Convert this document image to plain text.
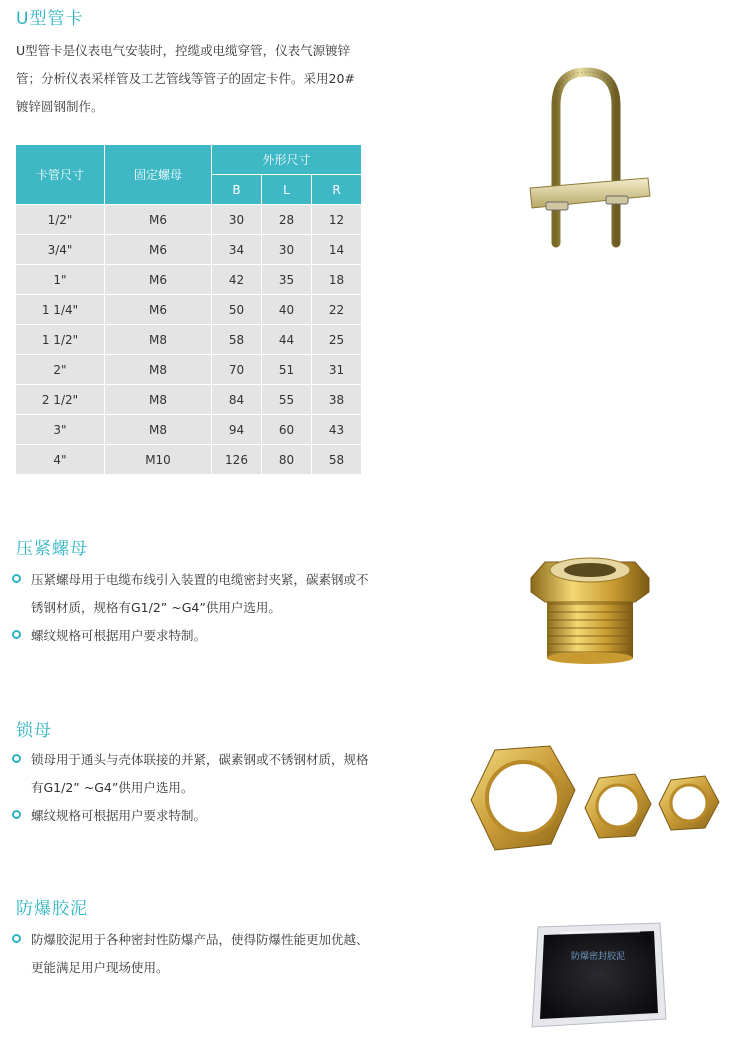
U型管卡

U型管卡是仪表电气安装时，控缆或电缆穿管，仪表气源镀锌管；分析仪表采样管及工艺管线等管子的固定卡件。采用20#镀锌圆钢制作。

卡管尺寸	固定螺母	外形尺寸		
		B	L	R
1/2"	M6	30	28	12
3/4"	M6	34	30	14
1"	M6	42	35	18
1 1/4"	M6	50	40	22
1 1/2"	M8	58	44	25
2"	M8	70	51	31
2 1/2"	M8	84	55	38
3"	M8	94	60	43
4"	M10	126	80	58
压紧螺母
压紧螺母用于电缆布线引入装置的电缆密封夹紧，碳素钢或不锈钢材质，规格有G1/2” ~G4”供用户选用。
螺纹规格可根据用户要求特制。
锁母
锁母用于通头与壳体联接的并紧，碳素钢或不锈钢材质，规格有G1/2” ~G4”供用户选用。
螺纹规格可根据用户要求特制。
防爆胶泥
防爆胶泥用于各种密封性防爆产品，使得防爆性能更加优越、更能满足用户现场使用。
防爆密封胶泥
